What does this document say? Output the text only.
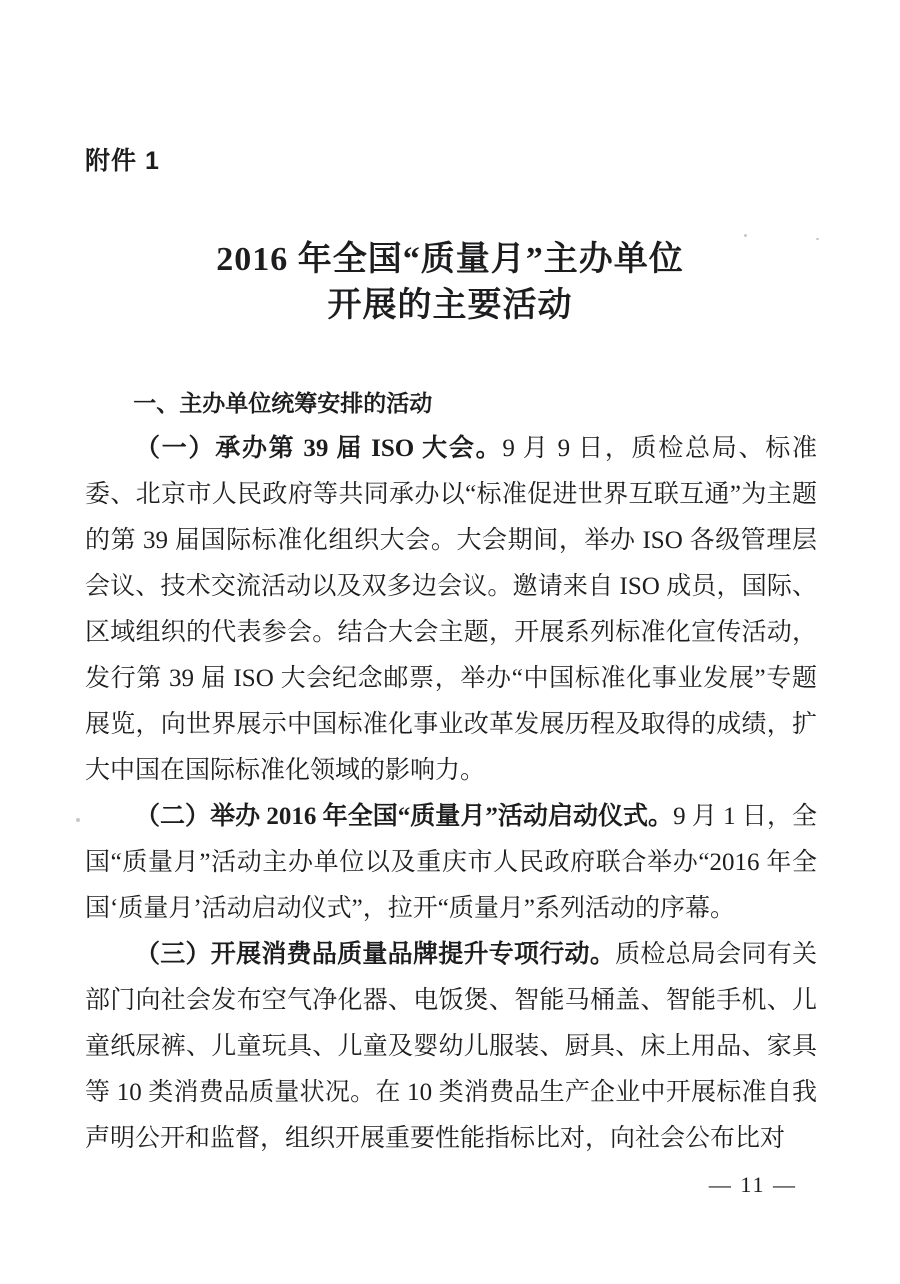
附件 1
2016 年全国“质量月”主办单位
开展的主要活动
一、主办单位统筹安排的活动

（一）承办第 39 届 ISO 大会。9 月 9 日，质检总局、标准委、北京市人民政府等共同承办以“标准促进世界互联互通”为主题的第 39 届国际标准化组织大会。大会期间，举办 ISO 各级管理层会议、技术交流活动以及双多边会议。邀请来自 ISO 成员，国际、区域组织的代表参会。结合大会主题，开展系列标准化宣传活动，发行第 39 届 ISO 大会纪念邮票，举办“中国标准化事业发展”专题展览，向世界展示中国标准化事业改革发展历程及取得的成绩，扩大中国在国际标准化领域的影响力。

（二）举办 2016 年全国“质量月”活动启动仪式。9 月 1 日，全国“质量月”活动主办单位以及重庆市人民政府联合举办“2016 年全国‘质量月’活动启动仪式”，拉开“质量月”系列活动的序幕。

（三）开展消费品质量品牌提升专项行动。质检总局会同有关部门向社会发布空气净化器、电饭煲、智能马桶盖、智能手机、儿童纸尿裤、儿童玩具、儿童及婴幼儿服装、厨具、床上用品、家具等 10 类消费品质量状况。在 10 类消费品生产企业中开展标准自我声明公开和监督，组织开展重要性能指标比对，向社会公布比对

— 11 —
